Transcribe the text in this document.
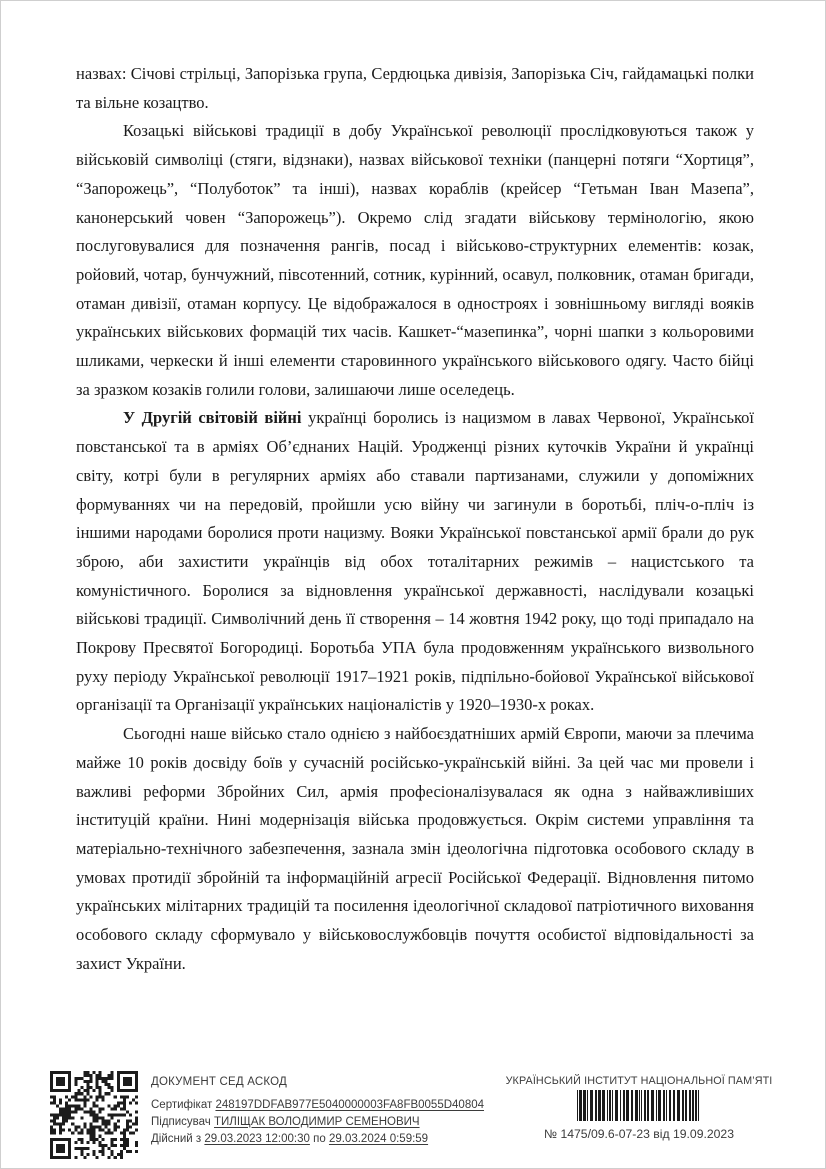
назвах: Січові стрільці, Запорізька група, Сердюцька дивізія, Запорізька Січ, гайдамацькі полки та вільне козацтво.

Козацькі військові традиції в добу Української революції прослідковуються також у військовій символіці (стяги, відзнаки), назвах військової техніки (панцерні потяги “Хортиця”, “Запорожець”, “Полуботок” та інші), назвах кораблів (крейсер “Гетьман Іван Мазепа”, канонерський човен “Запорожець”). Окремо слід згадати військову термінологію, якою послуговувалися для позначення рангів, посад і військово-структурних елементів: козак, ройовий, чотар, бунчужний, півсотенний, сотник, курінний, осавул, полковник, отаман бригади, отаман дивізії, отаман корпусу. Це відображалося в одностроях і зовнішньому вигляді вояків українських військових формацій тих часів. Кашкет-“мазепинка”, чорні шапки з кольоровими шликами, черкески й інші елементи старовинного українського військового одягу. Часто бійці за зразком козаків голили голови, залишаючи лише оселедець.

У Другій світовій війні українці боролись із нацизмом в лавах Червоної, Української повстанської та в арміях Об’єднаних Націй. Уродженці різних куточків України й українці світу, котрі були в регулярних арміях або ставали партизанами, служили у допоміжних формуваннях чи на передовій, пройшли усю війну чи загинули в боротьбі, пліч-о-пліч із іншими народами боролися проти нацизму. Вояки Української повстанської армії брали до рук зброю, аби захистити українців від обох тоталітарних режимів – нацистського та комуністичного. Боролися за відновлення української державності, наслідували козацькі військові традиції. Символічний день її створення – 14 жовтня 1942 року, що тоді припадало на Покрову Пресвятої Богородиці. Боротьба УПА була продовженням українського визвольного руху періоду Української революції 1917–1921 років, підпільно-бойової Української військової організації та Організації українських націоналістів у 1920–1930-х роках.

Сьогодні наше військо стало однією з найбоєздатніших армій Європи, маючи за плечима майже 10 років досвіду боїв у сучасній російсько-українській війні. За цей час ми провели і важливі реформи Збройних Сил, армія професіоналізувалася як одна з найважливіших інституцій країни. Нині модернізація війська продовжується. Окрім системи управління та матеріально-технічного забезпечення, зазнала змін ідеологічна підготовка особового складу в умовах протидії збройній та інформаційній агресії Російської Федерації. Відновлення питомо українських мілітарних традицій та посилення ідеологічної складової патріотичного виховання особового складу сформувало у військовослужбовців почуття особистої відповідальності за захист України.

ДОКУМЕНТ СЕД АСКОД
Сертифікат 248197DDFAB977E5040000003FA8FB0055D40804
Підписувач ТИЛІЩАК ВОЛОДИМИР СЕМЕНОВИЧ
Дійсний з 29.03.2023 12:00:30 по 29.03.2024 0:59:59
УКРАЇНСЬКИЙ ІНСТИТУТ НАЦІОНАЛЬНОЇ ПАМ’ЯТІ
№ 1475/09.6-07-23 від 19.09.2023
